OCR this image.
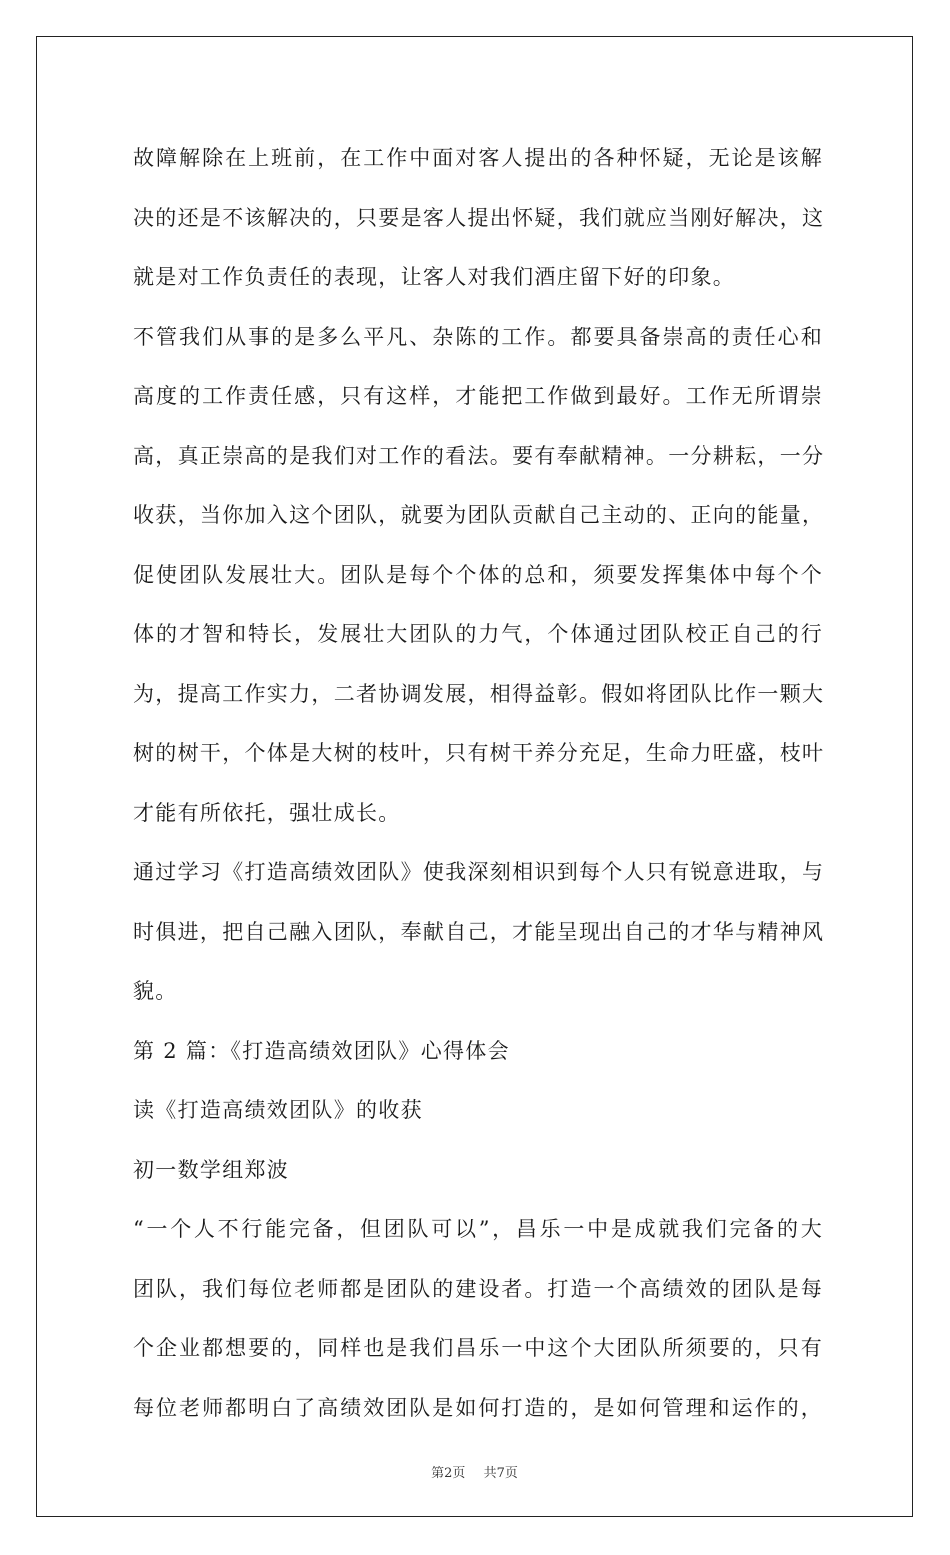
故障解除在上班前，在工作中面对客人提出的各种怀疑，无论是该解
决的还是不该解决的，只要是客人提出怀疑，我们就应当刚好解决，这
就是对工作负责任的表现，让客人对我们酒庄留下好的印象。
不管我们从事的是多么平凡、杂陈的工作。都要具备崇高的责任心和
高度的工作责任感，只有这样，才能把工作做到最好。工作无所谓崇
高，真正崇高的是我们对工作的看法。要有奉献精神。一分耕耘，一分
收获，当你加入这个团队，就要为团队贡献自己主动的、正向的能量，
促使团队发展壮大。团队是每个个体的总和，须要发挥集体中每个个
体的才智和特长，发展壮大团队的力气，个体通过团队校正自己的行
为，提高工作实力，二者协调发展，相得益彰。假如将团队比作一颗大
树的树干，个体是大树的枝叶，只有树干养分充足，生命力旺盛，枝叶
才能有所依托，强壮成长。
通过学习《打造高绩效团队》使我深刻相识到每个人只有锐意进取，与
时俱进，把自己融入团队，奉献自己，才能呈现出自己的才华与精神风
貌。
第 2 篇：《打造高绩效团队》心得体会
读《打造高绩效团队》的收获
初一数学组郑波
“一个人不行能完备，但团队可以”，昌乐一中是成就我们完备的大
团队，我们每位老师都是团队的建设者。打造一个高绩效的团队是每
个企业都想要的，同样也是我们昌乐一中这个大团队所须要的，只有
每位老师都明白了高绩效团队是如何打造的，是如何管理和运作的，
第2页 共7页
